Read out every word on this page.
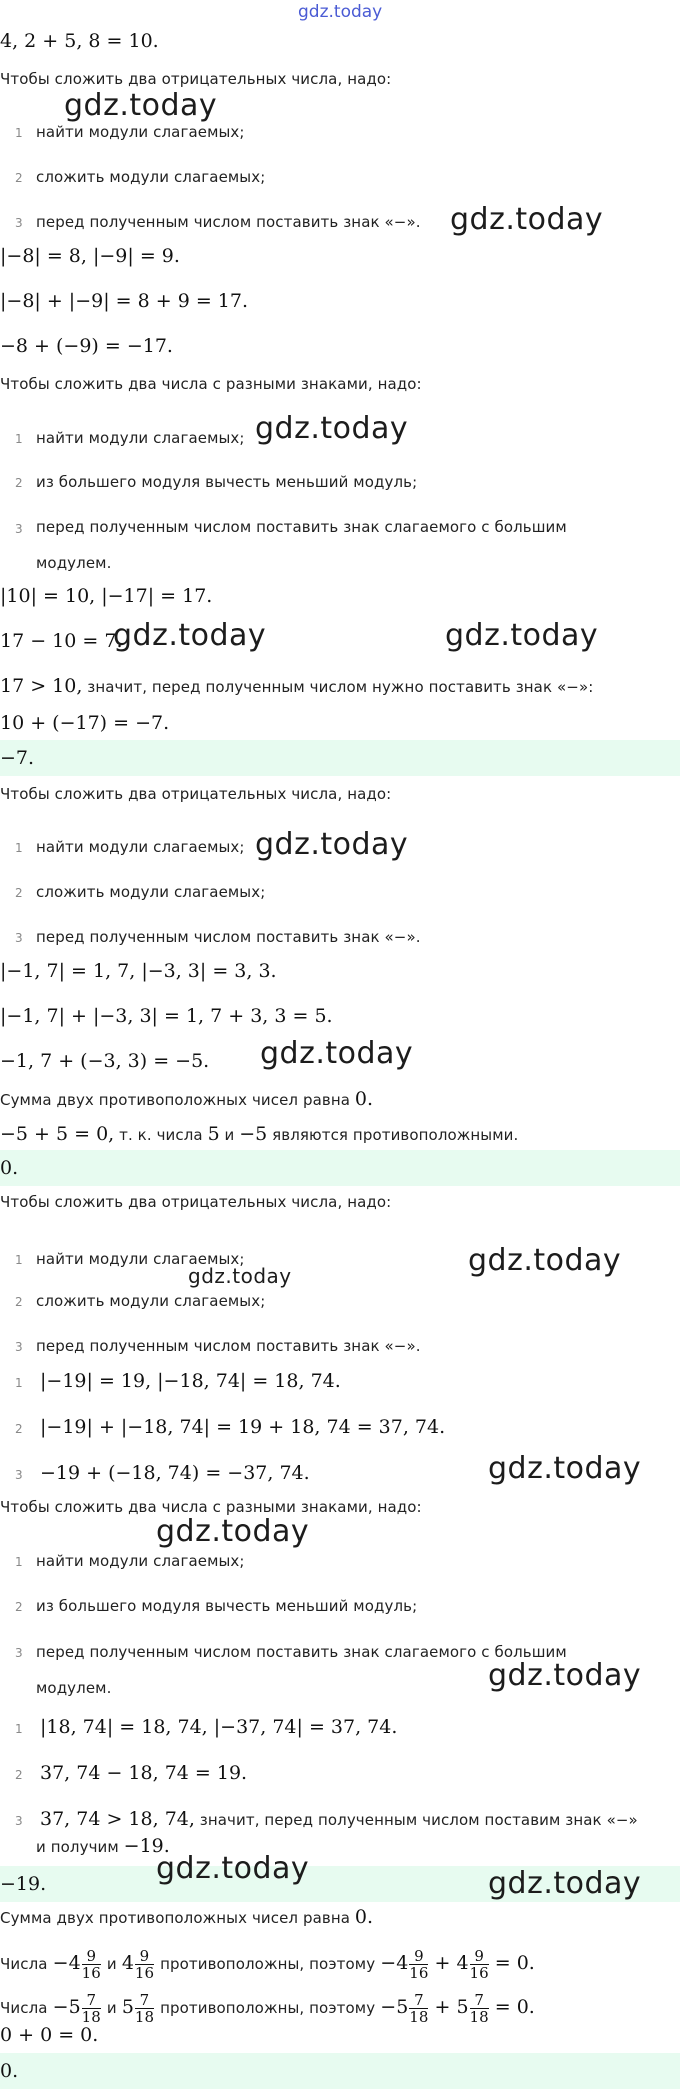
gdz.today
4, 2 + 5, 8 = 10.
Чтобы сложить два отрицательных числа, надо:
1 найти модули слагаемых;
2 сложить модули слагаемых;
3 перед полученным числом поставить знак «−».
|−8| = 8, |−9| = 9.
|−8| + |−9| = 8 + 9 = 17.
−8 + (−9) = −17.
Чтобы сложить два числа с разными знаками, надо:
1 найти модули слагаемых;
2 из большего модуля вычесть меньший модуль;
3 перед полученным числом поставить знак слагаемого с большим
модулем.
|10| = 10, |−17| = 17.
17 − 10 = 7.
17 > 10, значит, перед полученным числом нужно поставить знак «−»:
10 + (−17) = −7.
−7.
Чтобы сложить два отрицательных числа, надо:
1 найти модули слагаемых;
2 сложить модули слагаемых;
3 перед полученным числом поставить знак «−».
|−1, 7| = 1, 7, |−3, 3| = 3, 3.
|−1, 7| + |−3, 3| = 1, 7 + 3, 3 = 5.
−1, 7 + (−3, 3) = −5.
Сумма двух противоположных чисел равна 0.
−5 + 5 = 0, т. к. числа 5 и −5 являются противоположными.
0.
Чтобы сложить два отрицательных числа, надо:
1 найти модули слагаемых;
2 сложить модули слагаемых;
3 перед полученным числом поставить знак «−».
1 |−19| = 19, |−18, 74| = 18, 74.
2 |−19| + |−18, 74| = 19 + 18, 74 = 37, 74.
3 −19 + (−18, 74) = −37, 74.
Чтобы сложить два числа с разными знаками, надо:
1 найти модули слагаемых;
2 из большего модуля вычесть меньший модуль;
3 перед полученным числом поставить знак слагаемого с большим
модулем.
1 |18, 74| = 18, 74, |−37, 74| = 37, 74.
2 37, 74 − 18, 74 = 19.
3 37, 74 > 18, 74, значит, перед полученным числом поставим знак «−»
и получим −19.
−19.
Сумма двух противоположных чисел равна 0.
Числа $-4 \frac{9}{16}$ и $4 \frac{9}{16}$ противоположны, поэтому $-4 \frac{9}{16} + 4 \frac{9}{16} = 0$.
Числа $-5 \frac{7}{18}$ и $5 \frac{7}{18}$ противоположны, поэтому $-5 \frac{7}{18} + 5 \frac{7}{18} = 0$.
0 + 0 = 0.
0.
gdz.today
gdz.today
gdz.today
gdz.today	gdz.today
gdz.today
gdz.today
gdz.today
gdz.today
gdz.today
gdz.today
gdz.today
gdz.today	gdz.today
